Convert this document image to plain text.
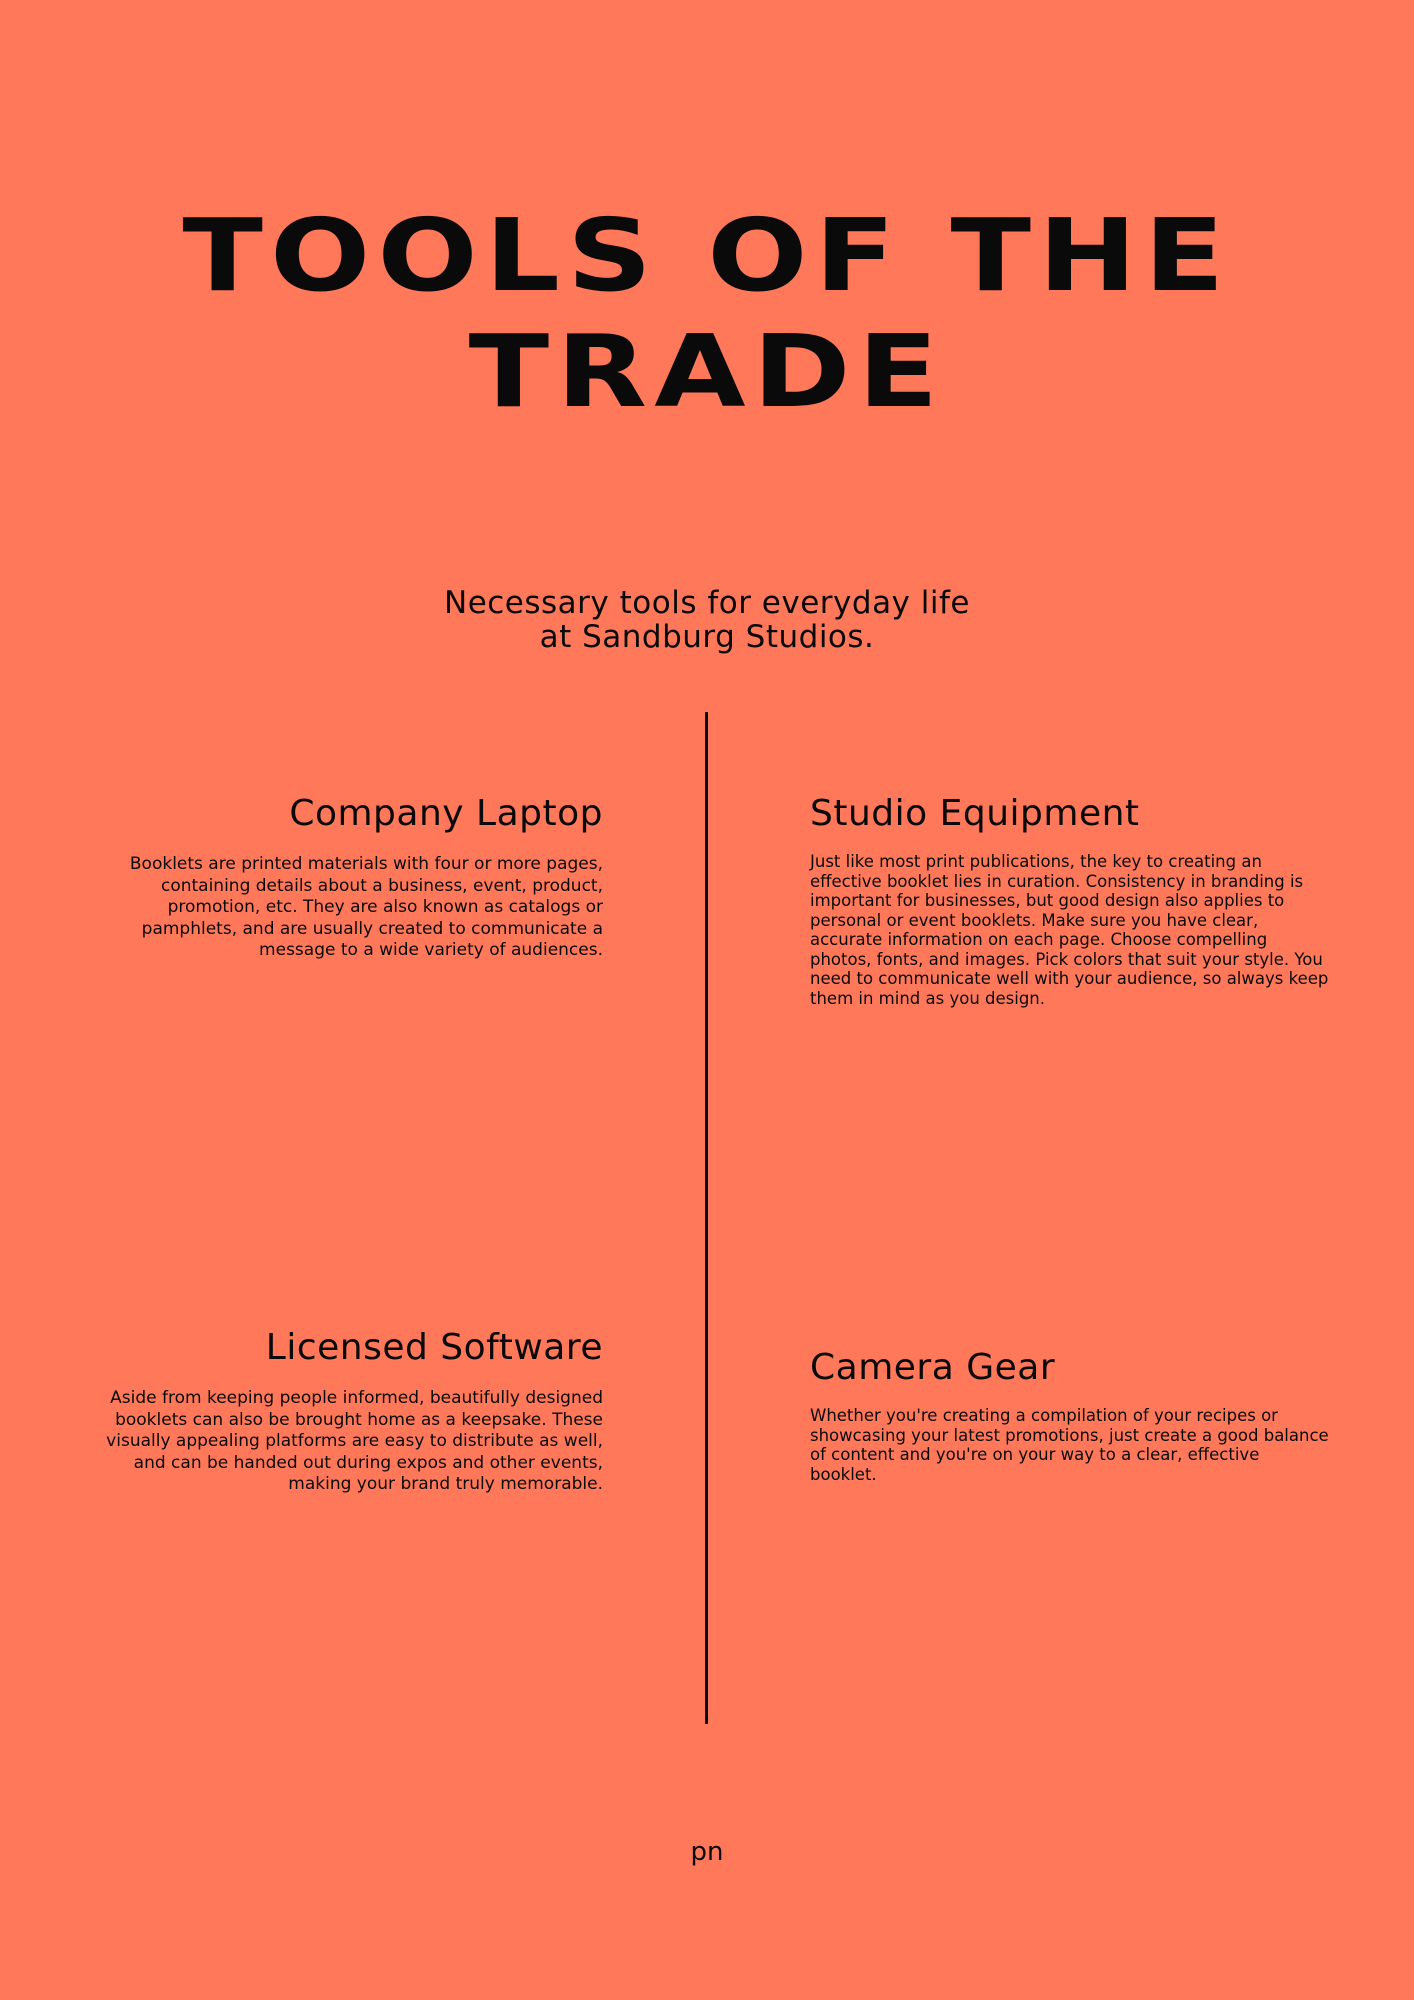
TOOLS OF THE
TRADE
Necessary tools for everyday life
at Sandburg Studios.
Company Laptop

Booklets are printed materials with four or more pages, containing details about a business, event, product, promotion, etc. They are also known as catalogs or pamphlets, and are usually created to communicate a message to a wide variety of audiences.

Studio Equipment

Just like most print publications, the key to creating an effective booklet lies in curation. Consistency in branding is important for businesses, but good design also applies to personal or event booklets. Make sure you have clear, accurate information on each page. Choose compelling photos, fonts, and images. Pick colors that suit your style. You need to communicate well with your audience, so always keep them in mind as you design.

Licensed Software

Aside from keeping people informed, beautifully designed booklets can also be brought home as a keepsake. These visually appealing platforms are easy to distribute as well, and can be handed out during expos and other events, making your brand truly memorable.

Camera Gear

Whether you're creating a compilation of your recipes or showcasing your latest promotions, just create a good balance of content and you're on your way to a clear, effective booklet.

pn
